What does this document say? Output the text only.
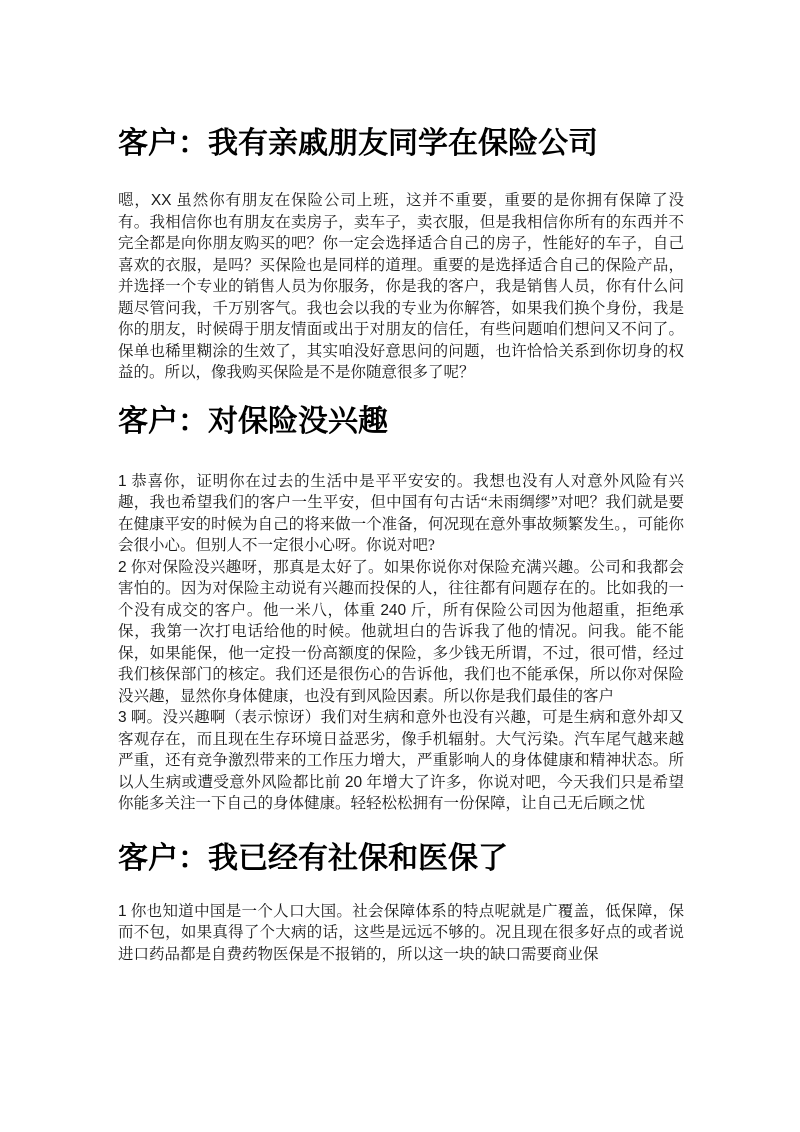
客户：我有亲戚朋友同学在保险公司

嗯，XX 虽然你有朋友在保险公司上班，这并不重要，重要的是你拥有保障了没有。我相信你也有朋友在卖房子，卖车子，卖衣服，但是我相信你所有的东西并不完全都是向你朋友购买的吧？你一定会选择适合自己的房子，性能好的车子，自己喜欢的衣服，是吗？买保险也是同样的道理。重要的是选择适合自己的保险产品，并选择一个专业的销售人员为你服务，你是我的客户，我是销售人员，你有什么问题尽管问我，千万别客气。我也会以我的专业为你解答，如果我们换个身份，我是你的朋友，时候碍于朋友情面或出于对朋友的信任，有些问题咱们想问又不问了。保单也稀里糊涂的生效了，其实咱没好意思问的问题，也许恰恰关系到你切身的权益的。所以，像我购买保险是不是你随意很多了呢？

客户：对保险没兴趣

1 恭喜你，证明你在过去的生活中是平平安安的。我想也没有人对意外风险有兴趣，我也希望我们的客户一生平安，但中国有句古话“未雨绸缪”对吧？我们就是要在健康平安的时候为自己的将来做一个准备，何况现在意外事故频繁发生。，可能你会很小心。但别人不一定很小心呀。你说对吧?

2 你对保险没兴趣呀，那真是太好了。如果你说你对保险充满兴趣。公司和我都会害怕的。因为对保险主动说有兴趣而投保的人，往往都有问题存在的。比如我的一个没有成交的客户。他一米八，体重 240 斤，所有保险公司因为他超重，拒绝承保，我第一次打电话给他的时候。他就坦白的告诉我了他的情况。问我。能不能保，如果能保，他一定投一份高额度的保险，多少钱无所谓，不过，很可惜，经过我们核保部门的核定。我们还是很伤心的告诉他，我们也不能承保，所以你对保险没兴趣，显然你身体健康，也没有到风险因素。所以你是我们最佳的客户

3 啊。没兴趣啊（表示惊讶）我们对生病和意外也没有兴趣，可是生病和意外却又客观存在，而且现在生存环境日益恶劣，像手机辐射。大气污染。汽车尾气越来越严重，还有竞争激烈带来的工作压力增大，严重影响人的身体健康和精神状态。所以人生病或遭受意外风险都比前 20 年增大了许多，你说对吧，今天我们只是希望你能多关注一下自己的身体健康。轻轻松松拥有一份保障，让自己无后顾之忧

客户：我已经有社保和医保了

1 你也知道中国是一个人口大国。社会保障体系的特点呢就是广覆盖，低保障，保而不包，如果真得了个大病的话，这些是远远不够的。况且现在很多好点的或者说进口药品都是自费药物医保是不报销的，所以这一块的缺口需要商业保
